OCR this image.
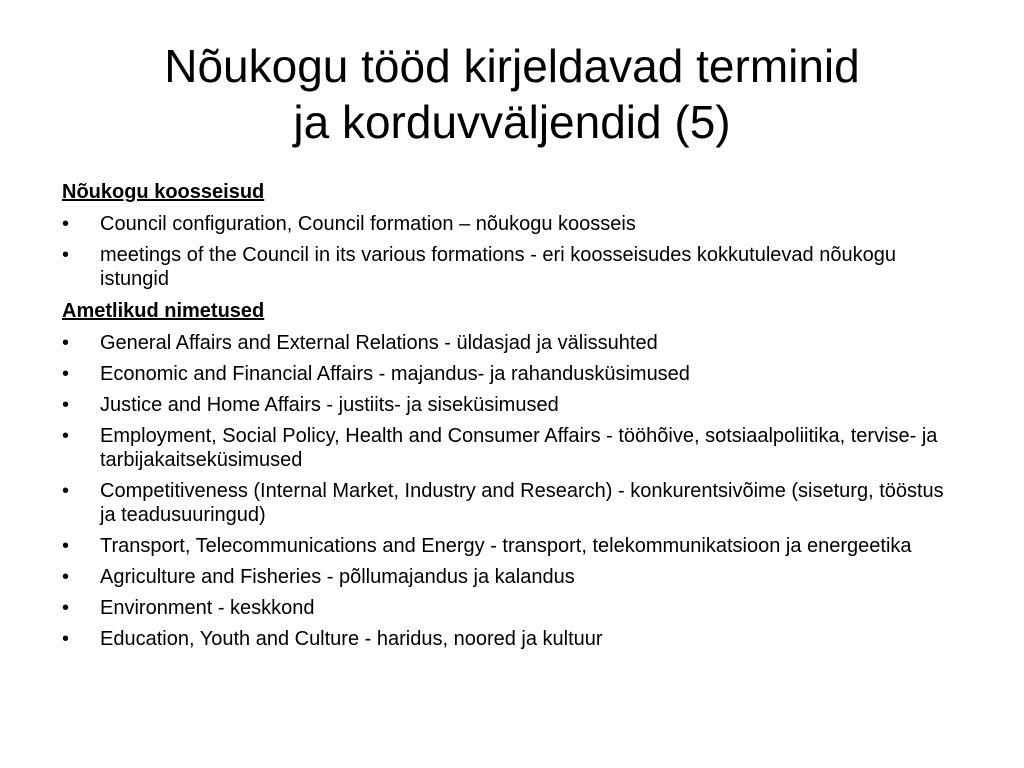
Nõukogu tööd kirjeldavad terminid
ja korduvväljendid (5)
Nõukogu koosseisud
• Council configuration, Council formation – nõukogu koosseis
• meetings of the Council in its various formations - eri koosseisudes kokkutulevad nõukogu istungid
Ametlikud nimetused
• General Affairs and External Relations - üldasjad ja välissuhted
• Economic and Financial Affairs - majandus- ja rahandusküsimused
• Justice and Home Affairs - justiits- ja siseküsimused
• Employment, Social Policy, Health and Consumer Affairs - tööhõive, sotsiaalpoliitika, tervise- ja tarbijakaitseküsimused
• Competitiveness (Internal Market, Industry and Research) - konkurentsivõime (siseturg, tööstus ja teadusuuringud)
• Transport, Telecommunications and Energy - transport, telekommunikatsioon ja energeetika
• Agriculture and Fisheries - põllumajandus ja kalandus
• Environment - keskkond
• Education, Youth and Culture - haridus, noored ja kultuur
